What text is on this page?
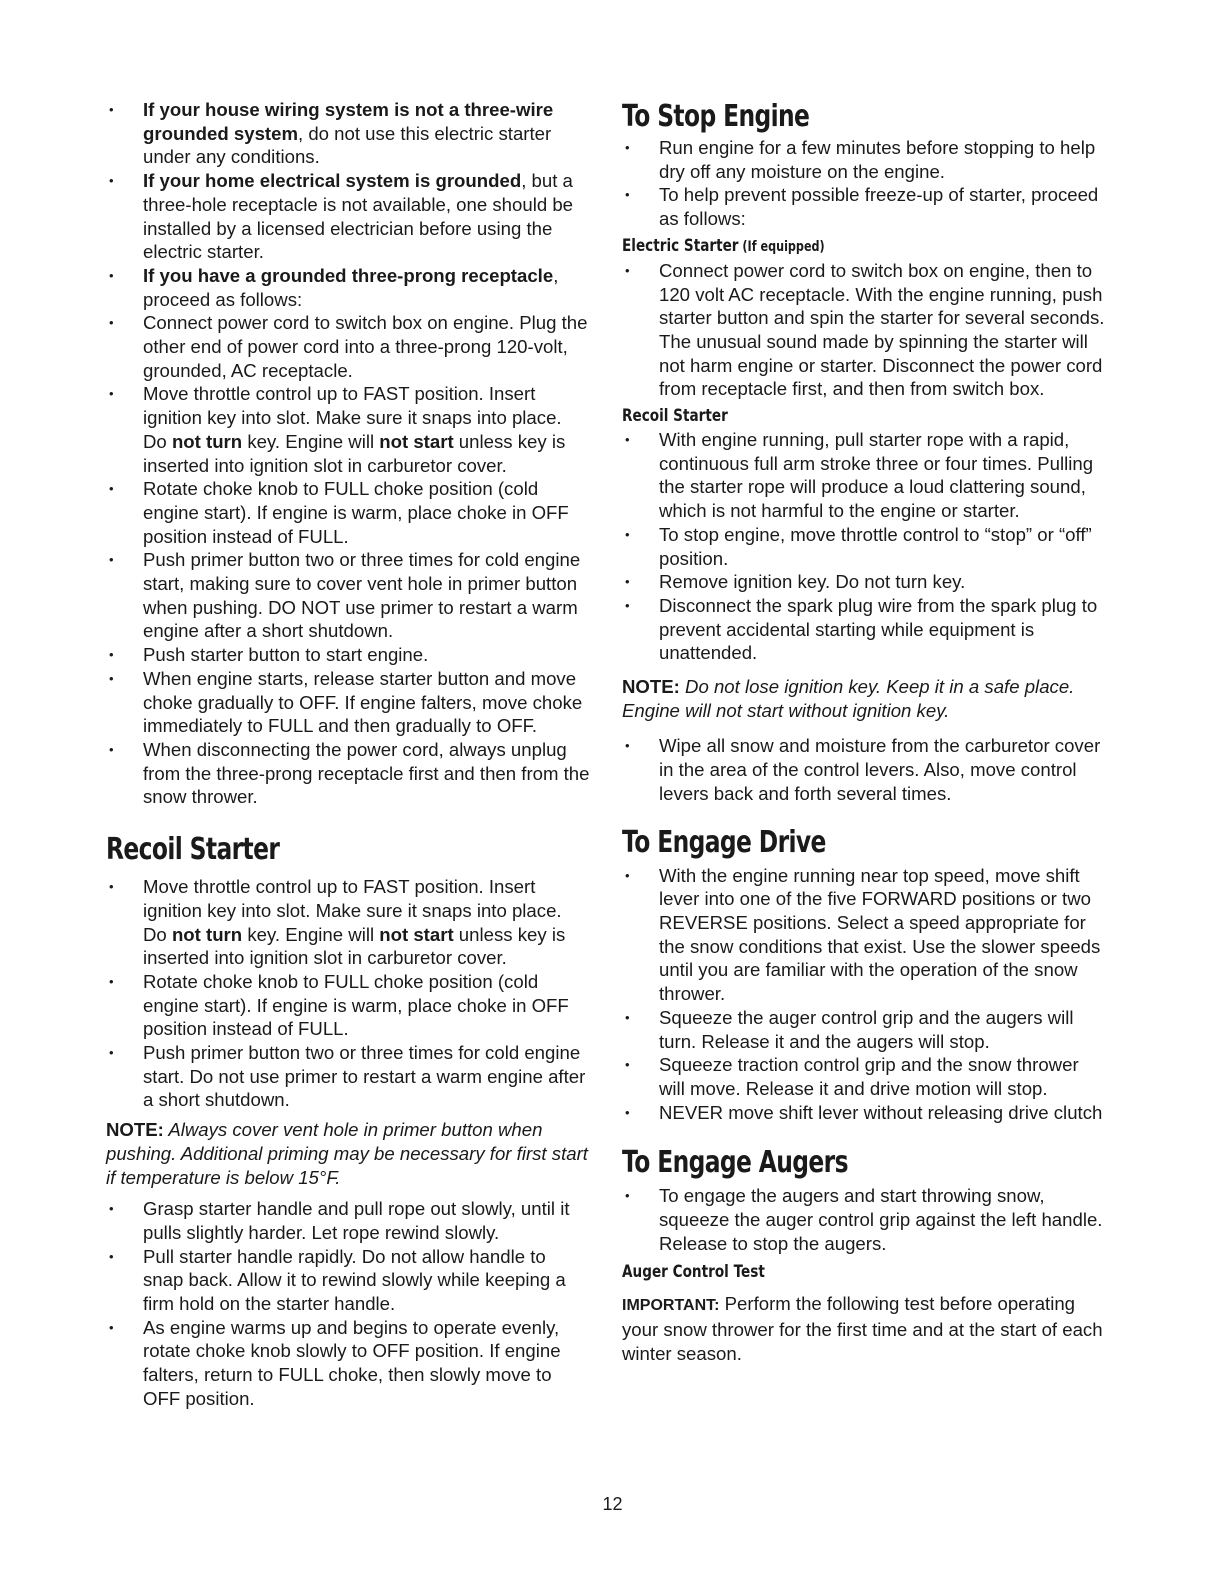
• If your house wiring system is not a three-wire grounded system, do not use this electric starter under any conditions.
• If your home electrical system is grounded, but a three-hole receptacle is not available, one should be installed by a licensed electrician before using the electric starter.
• If you have a grounded three-prong receptacle, proceed as follows:
• Connect power cord to switch box on engine. Plug the other end of power cord into a three-prong 120-volt, grounded, AC receptacle.
• Move throttle control up to FAST position. Insert ignition key into slot. Make sure it snaps into place. Do not turn key. Engine will not start unless key is inserted into ignition slot in carburetor cover.
• Rotate choke knob to FULL choke position (cold engine start). If engine is warm, place choke in OFF position instead of FULL.
• Push primer button two or three times for cold engine start, making sure to cover vent hole in primer button when pushing. DO NOT use primer to restart a warm engine after a short shutdown.
• Push starter button to start engine.
• When engine starts, release starter button and move choke gradually to OFF. If engine falters, move choke immediately to FULL and then gradually to OFF.
• When disconnecting the power cord, always unplug from the three-prong receptacle first and then from the snow thrower.
Recoil Starter
• Move throttle control up to FAST position. Insert ignition key into slot. Make sure it snaps into place. Do not turn key. Engine will not start unless key is inserted into ignition slot in carburetor cover.
• Rotate choke knob to FULL choke position (cold engine start). If engine is warm, place choke in OFF position instead of FULL.
• Push primer button two or three times for cold engine start. Do not use primer to restart a warm engine after a short shutdown.

NOTE: Always cover vent hole in primer button when pushing. Additional priming may be necessary for first start if temperature is below 15°F.

• Grasp starter handle and pull rope out slowly, until it pulls slightly harder. Let rope rewind slowly.
• Pull starter handle rapidly. Do not allow handle to snap back. Allow it to rewind slowly while keeping a firm hold on the starter handle.
• As engine warms up and begins to operate evenly, rotate choke knob slowly to OFF position. If engine falters, return to FULL choke, then slowly move to OFF position.
To Stop Engine
• Run engine for a few minutes before stopping to help dry off any moisture on the engine.
• To help prevent possible freeze-up of starter, proceed as follows:
Electric Starter (If equipped)
• Connect power cord to switch box on engine, then to 120 volt AC receptacle. With the engine running, push starter button and spin the starter for several seconds. The unusual sound made by spinning the starter will not harm engine or starter. Disconnect the power cord from receptacle first, and then from switch box.
Recoil Starter
• With engine running, pull starter rope with a rapid, continuous full arm stroke three or four times. Pulling the starter rope will produce a loud clattering sound, which is not harmful to the engine or starter.
• To stop engine, move throttle control to “stop” or “off” position.
• Remove ignition key. Do not turn key.
• Disconnect the spark plug wire from the spark plug to prevent accidental starting while equipment is unattended.

NOTE: Do not lose ignition key. Keep it in a safe place. Engine will not start without ignition key.

• Wipe all snow and moisture from the carburetor cover in the area of the control levers. Also, move control levers back and forth several times.
To Engage Drive
• With the engine running near top speed, move shift lever into one of the five FORWARD positions or two REVERSE positions. Select a speed appropriate for the snow conditions that exist. Use the slower speeds until you are familiar with the operation of the snow thrower.
• Squeeze the auger control grip and the augers will turn. Release it and the augers will stop.
• Squeeze traction control grip and the snow thrower will move. Release it and drive motion will stop.
• NEVER move shift lever without releasing drive clutch
To Engage Augers
• To engage the augers and start throwing snow, squeeze the auger control grip against the left handle. Release to stop the augers.
Auger Control Test

IMPORTANT: Perform the following test before operating your snow thrower for the first time and at the start of each winter season.

12
